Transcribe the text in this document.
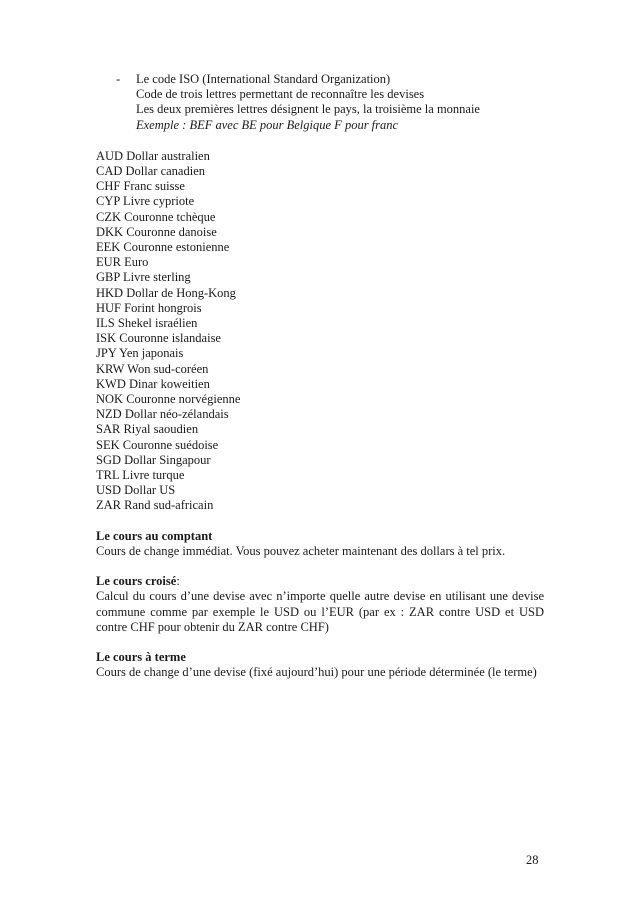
- Le code ISO (International Standard Organization)
Code de trois lettres permettant de reconnaître les devises
Les deux premières lettres désignent le pays, la troisième la monnaie
Exemple : BEF avec BE pour Belgique F pour franc
AUD Dollar australien
CAD Dollar canadien
CHF Franc suisse
CYP Livre cypriote
CZK Couronne tchèque
DKK Couronne danoise
EEK Couronne estonienne
EUR Euro
GBP Livre sterling
HKD Dollar de Hong-Kong
HUF Forint hongrois
ILS Shekel israélien
ISK Couronne islandaise
JPY Yen japonais
KRW Won sud-coréen
KWD Dinar koweitien
NOK Couronne norvégienne
NZD Dollar néo-zélandais
SAR Riyal saoudien
SEK Couronne suédoise
SGD Dollar Singapour
TRL Livre turque
USD Dollar US
ZAR Rand sud-africain
Le cours au comptant
Cours de change immédiat. Vous pouvez acheter maintenant des dollars à tel prix.
Le cours croisé:
Calcul du cours d’une devise avec n’importe quelle autre devise en utilisant une devise commune comme par exemple le USD ou l’EUR (par ex : ZAR contre USD et USD contre CHF pour obtenir du ZAR contre CHF)
Le cours à terme
Cours de change d’une devise (fixé aujourd’hui) pour une période déterminée (le terme)
28
